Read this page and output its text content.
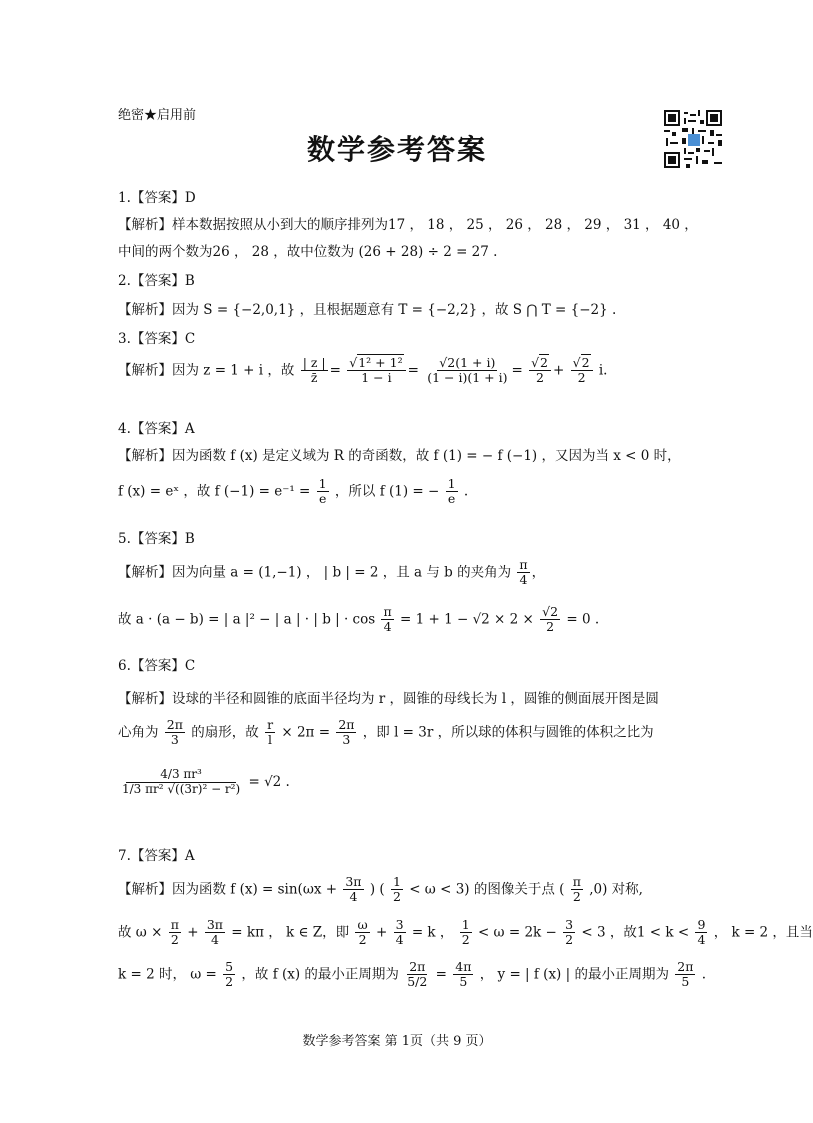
绝密★启用前
数学参考答案
1.【答案】D
【解析】样本数据按照从小到大的顺序排列为17 ， 18 ， 25 ， 26 ， 28 ， 29 ， 31 ， 40 ，
中间的两个数为26 ， 28 ，故中位数为 (26 + 28) ÷ 2 = 27 .
2.【答案】B
【解析】因为 S = {−2,0,1} ，且根据题意有 T = {−2,2} ，故 S ⋂ T = {−2} .
3.【答案】C
【解析】因为 z = 1 + i ，故 $\frac{| z |}{z̄} = \frac{\text{√1² + 1²}}{1 - i} = \frac{√2(1 + i)}{(1 - i)(1 + i)} = \frac{√2}{2} + \frac{√2}{2} i$.
4.【答案】A
【解析】因为函数 f (x) 是定义域为 R 的奇函数，故 f (1) = − f (−1) ，又因为当 x < 0 时，
f (x) = eˣ ，故 f $(-1) = e^{-1} = \frac{1}{e}$ ，所以 f (1) = − $\frac{1}{e}$ .
5.【答案】B
【解析】因为向量 a = (1,−1) ， | b | = 2 ，且 a 与 b 的夹角为 $\frac{\pi}{4}$ ，
故 a · (a − b) = | a |² − | a | · | b | · $\cos \frac{\pi}{4} = 1 + 1 - √2 \times 2 \times \frac{√2}{2} = 0$ .
6.【答案】C
【解析】设球的半径和圆锥的底面半径均为 r ，圆锥的母线长为 l ，圆锥的侧面展开图是圆
心角为 $\frac{2\pi}{3}$ 的扇形，故 $\frac{r}{l} \times 2\pi = \frac{2\pi}{3}$ ，即 l = 3r ，所以球的体积与圆锥的体积之比为
$\frac{\text{4/3 πr³}}{\text{1/3 πr² √((3r)² − r²)}} = √2$ .
7.【答案】A
【解析】因为函数 f $(x) = \sin(\omega x + \frac{3\pi}{4}$ ) ( $\frac{1}{2} < \omega < 3$) 的图像关于点 ( $\frac{\pi}{2} ,0$) 对称,
故 $\omega \times \frac{\pi}{2} + \frac{3\pi}{4} = k\pi$ ， k ∈ Z，即 $\frac{\omega}{2} + \frac{3}{4} = k$ ， $\frac{1}{2} < \omega = 2k - \frac{3}{2} < 3$ ，故$1 < k < \frac{9}{4}$ ， k = 2 ，且当
k = 2 时， $\omega = \frac{5}{2}$ ，故 f (x) 的最小正周期为 $\frac{2\pi}{5/2} = \frac{4\pi}{5}$ ， y = | f (x) | 的最小正周期为 $\frac{2\pi}{5}$ .
数学参考答案 第 1页（共 9 页）
